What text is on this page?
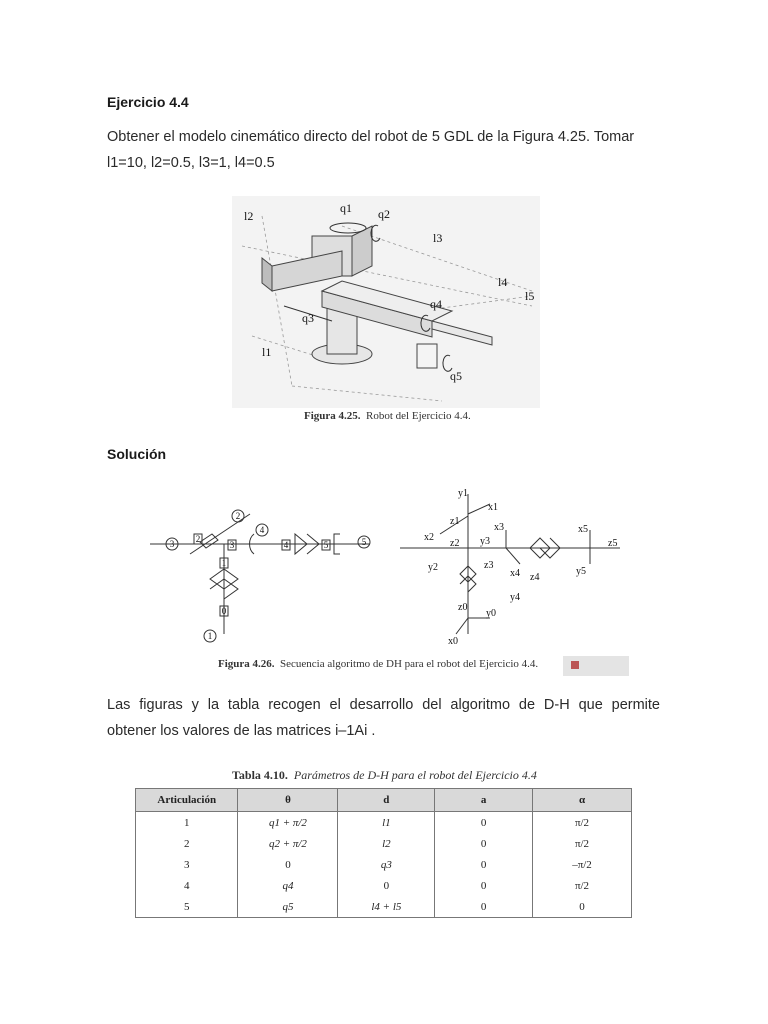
Ejercicio 4.4
Obtener el modelo cinemático directo del robot de 5 GDL de la Figura 4.25. Tomar
l1=10, l2=0.5, l3=1, l4=0.5
l2
q1 q2
l3
l4
l5
q4
q3
l1
q5
Figura 4.25. Robot del Ejercicio 4.4.
Solución
1
2
3
4
5
0
1
2
3	4	5
y1
x1
z1
x2
z2
y2
y3
x3
z3
x4 z4
y4
x5
z5
y5
z0
y0
x0
Figura 4.26. Secuencia algoritmo de DH para el robot del Ejercicio 4.4.
Las figuras y la tabla recogen el desarrollo del algoritmo de D-H que permite
obtener los valores de las matrices i–1Ai .
Tabla 4.10. Parámetros de D-H para el robot del Ejercicio 4.4
Articulación	θ	d	a	α
1	q1 + π/2	l1	0	π/2
2	q2 + π/2	l2	0	π/2
3	0	q3	0	–π/2
4	q4	0	0	π/2
5	q5	l4 + l5	0	0
